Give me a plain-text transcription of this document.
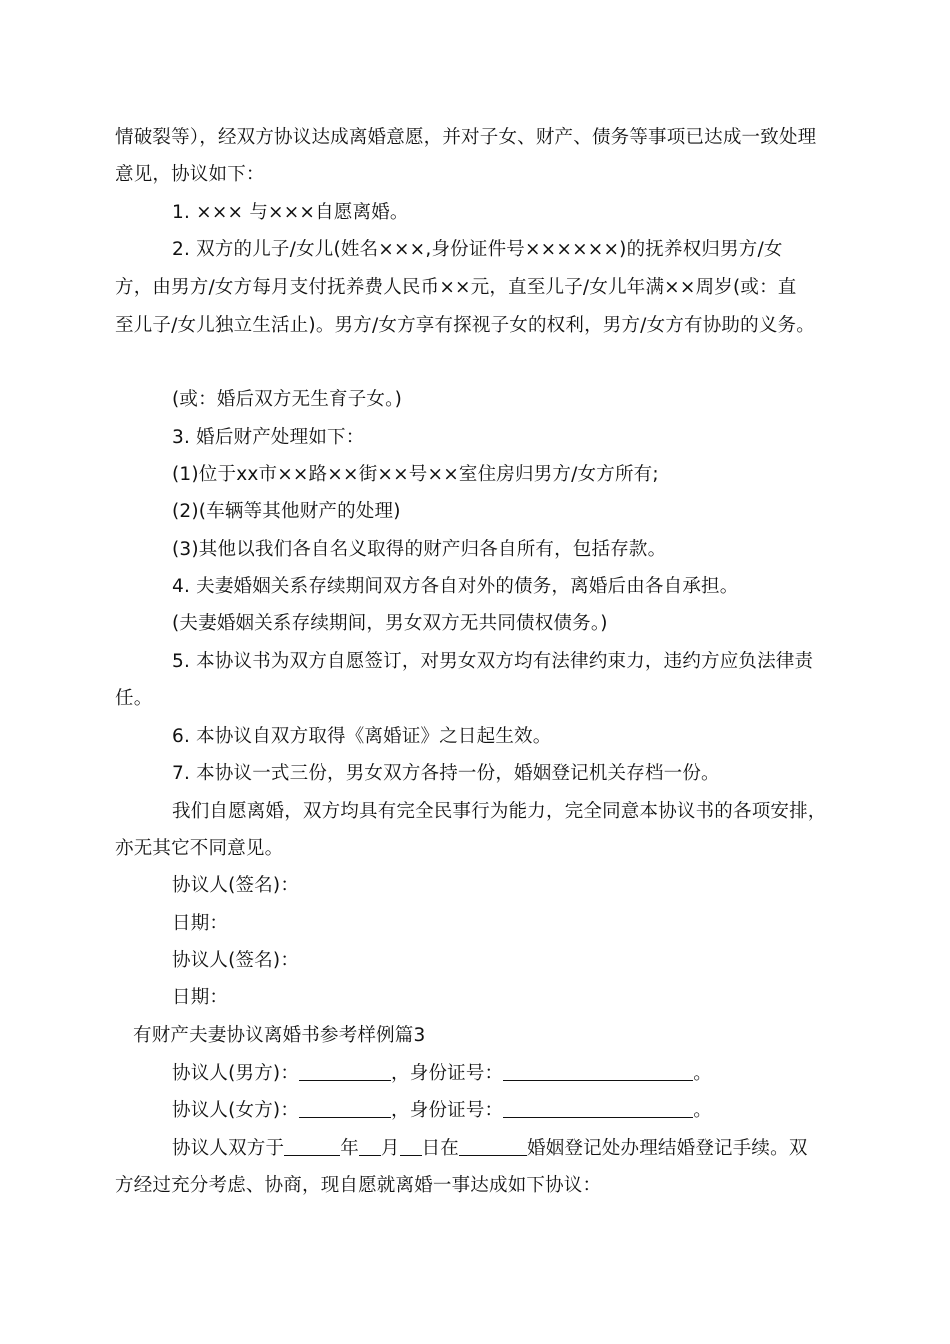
情破裂等），经双方协议达成离婚意愿，并对子女、财产、债务等事项已达成一致处理
意见，协议如下：
1. ××× 与×××自愿离婚。
2. 双方的儿子/女儿(姓名×××,身份证件号××××××)的抚养权归男方/女
方，由男方/女方每月支付抚养费人民币××元，直至儿子/女儿年满××周岁(或：直
至儿子/女儿独立生活止)。男方/女方享有探视子女的权利，男方/女方有协助的义务。
(或：婚后双方无生育子女。)
3. 婚后财产处理如下：
(1)位于xx市××路××街××号××室住房归男方/女方所有;
(2)(车辆等其他财产的处理)
(3)其他以我们各自名义取得的财产归各自所有，包括存款。
4. 夫妻婚姻关系存续期间双方各自对外的债务，离婚后由各自承担。
(夫妻婚姻关系存续期间，男女双方无共同债权债务。)
5. 本协议书为双方自愿签订，对男女双方均有法律约束力，违约方应负法律责
任。
6. 本协议自双方取得《离婚证》之日起生效。
7. 本协议一式三份，男女双方各持一份，婚姻登记机关存档一份。
我们自愿离婚，双方均具有完全民事行为能力，完全同意本协议书的各项安排，
亦无其它不同意见。
协议人(签名)：
日期：
协议人(签名)：
日期：
有财产夫妻协议离婚书参考样例篇3
协议人(男方)：	，身份证号：	。
协议人(女方)：	，身份证号：	。
协议人双方于	年 月 日在	婚姻登记处办理结婚登记手续。双
方经过充分考虑、协商，现自愿就离婚一事达成如下协议：
